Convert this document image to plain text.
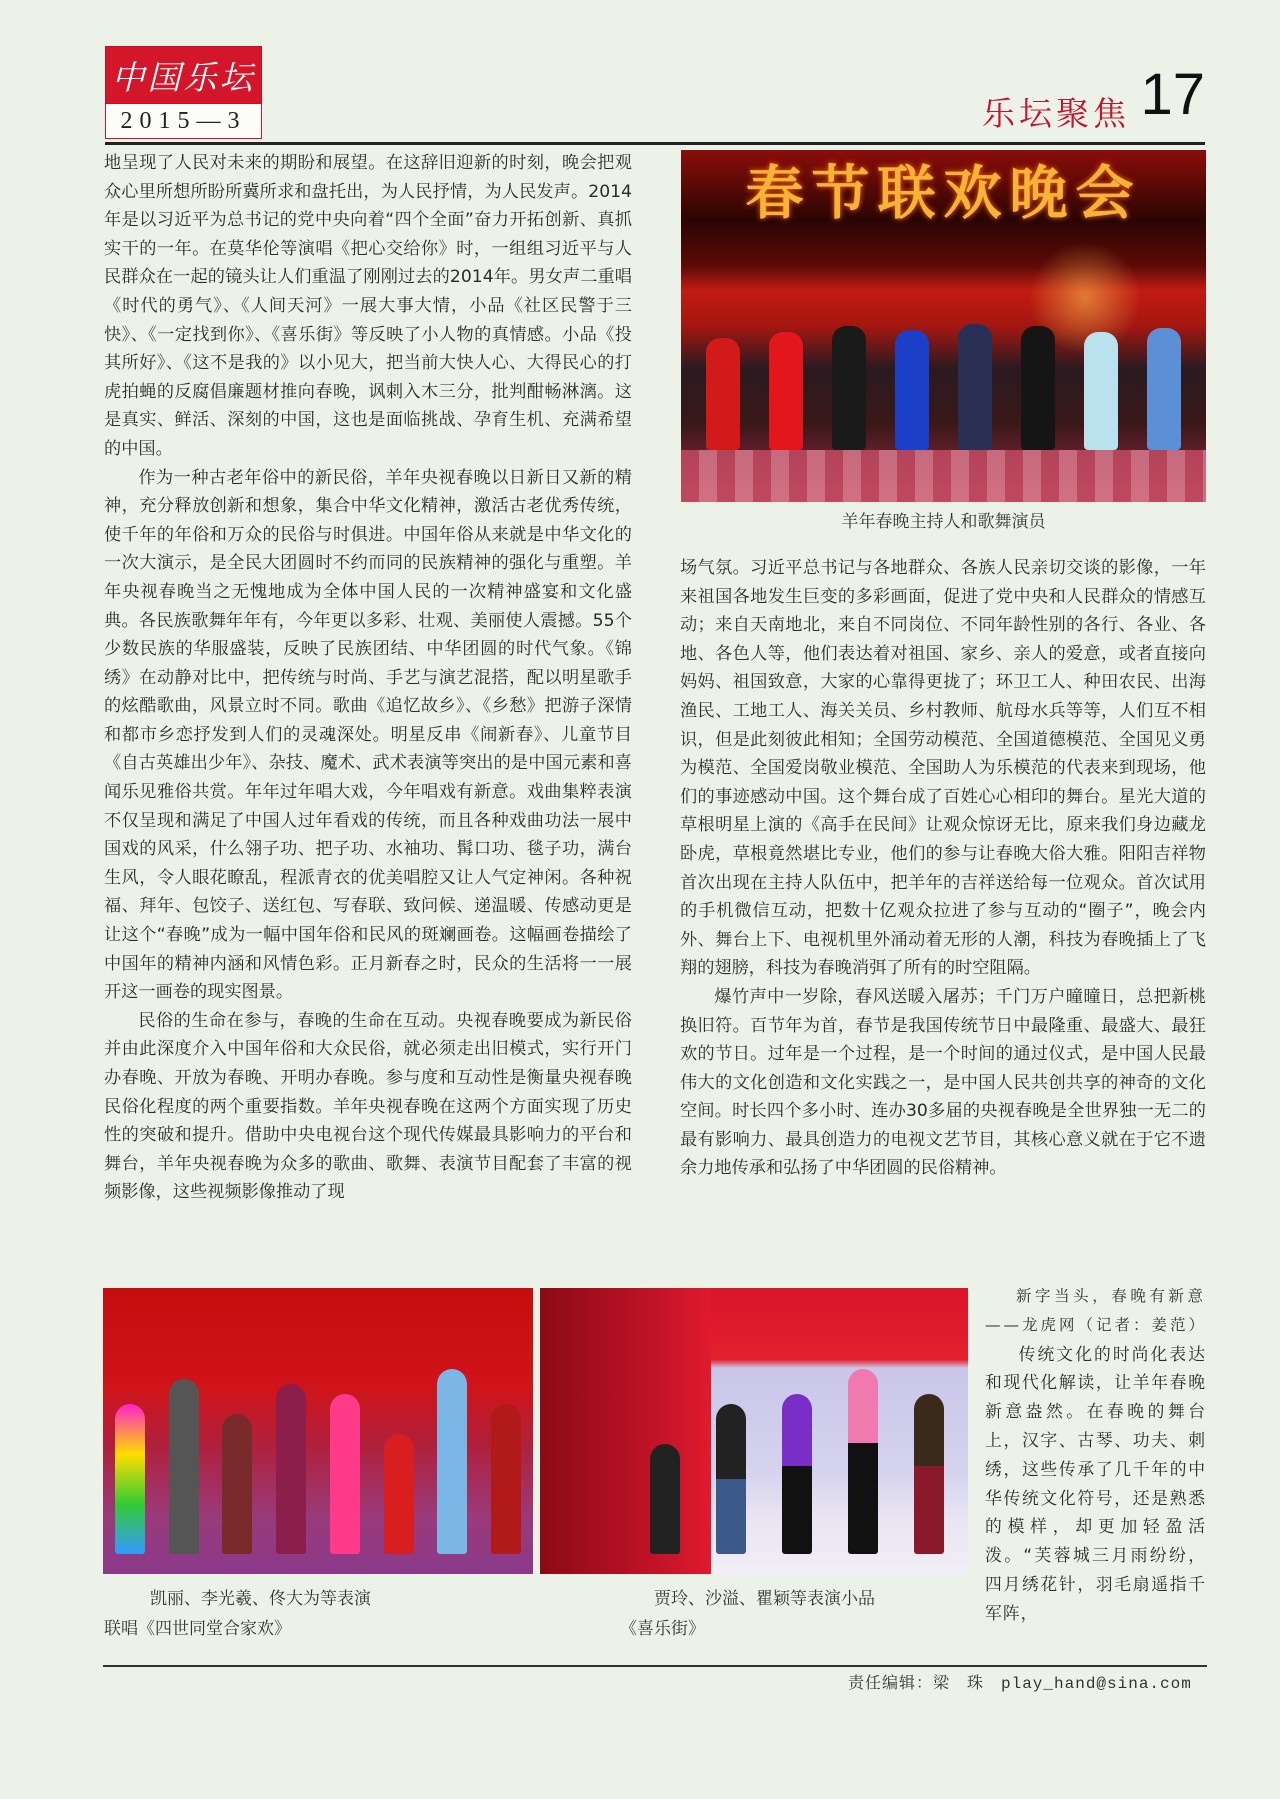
中国乐坛
2015—3	乐坛聚焦 17

地呈现了人民对未来的期盼和展望。在这辞旧迎新的时刻，晚会把观众心里所想所盼所冀所求和盘托出，为人民抒情，为人民发声。2014年是以习近平为总书记的党中央向着“四个全面”奋力开拓创新、真抓实干的一年。在莫华伦等演唱《把心交给你》时，一组组习近平与人民群众在一起的镜头让人们重温了刚刚过去的2014年。男女声二重唱《时代的勇气》、《人间天河》一展大事大情，小品《社区民警于三快》、《一定找到你》、《喜乐街》等反映了小人物的真情感。小品《投其所好》、《这不是我的》以小见大，把当前大快人心、大得民心的打虎拍蝇的反腐倡廉题材推向春晚，讽刺入木三分，批判酣畅淋漓。这是真实、鲜活、深刻的中国，这也是面临挑战、孕育生机、充满希望的中国。

作为一种古老年俗中的新民俗，羊年央视春晚以日新日又新的精神，充分释放创新和想象，集合中华文化精神，激活古老优秀传统，使千年的年俗和万众的民俗与时俱进。中国年俗从来就是中华文化的一次大演示，是全民大团圆时不约而同的民族精神的强化与重塑。羊年央视春晚当之无愧地成为全体中国人民的一次精神盛宴和文化盛典。各民族歌舞年年有，今年更以多彩、壮观、美丽使人震撼。55个少数民族的华服盛装，反映了民族团结、中华团圆的时代气象。《锦绣》在动静对比中，把传统与时尚、手艺与演艺混搭，配以明星歌手的炫酷歌曲，风景立时不同。歌曲《追忆故乡》、《乡愁》把游子深情和都市乡恋抒发到人们的灵魂深处。明星反串《闹新春》、儿童节目《自古英雄出少年》、杂技、魔术、武术表演等突出的是中国元素和喜闻乐见雅俗共赏。年年过年唱大戏，今年唱戏有新意。戏曲集粹表演不仅呈现和满足了中国人过年看戏的传统，而且各种戏曲功法一展中国戏的风采，什么翎子功、把子功、水袖功、髯口功、毯子功，满台生风，令人眼花瞭乱，程派青衣的优美唱腔又让人气定神闲。各种祝福、拜年、包饺子、送红包、写春联、致问候、递温暖、传感动更是让这个“春晚”成为一幅中国年俗和民风的斑斓画卷。这幅画卷描绘了中国年的精神内涵和风情色彩。正月新春之时，民众的生活将一一展开这一画卷的现实图景。

民俗的生命在参与，春晚的生命在互动。央视春晚要成为新民俗并由此深度介入中国年俗和大众民俗，就必须走出旧模式，实行开门办春晚、开放为春晚、开明办春晚。参与度和互动性是衡量央视春晚民俗化程度的两个重要指数。羊年央视春晚在这两个方面实现了历史性的突破和提升。借助中央电视台这个现代传媒最具影响力的平台和舞台，羊年央视春晚为众多的歌曲、歌舞、表演节目配套了丰富的视频影像，这些视频影像推动了现

春节联欢晚会
羊年春晚主持人和歌舞演员

场气氛。习近平总书记与各地群众、各族人民亲切交谈的影像，一年来祖国各地发生巨变的多彩画面，促进了党中央和人民群众的情感互动；来自天南地北，来自不同岗位、不同年龄性别的各行、各业、各地、各色人等，他们表达着对祖国、家乡、亲人的爱意，或者直接向妈妈、祖国致意，大家的心靠得更拢了；环卫工人、种田农民、出海渔民、工地工人、海关关员、乡村教师、航母水兵等等，人们互不相识，但是此刻彼此相知；全国劳动模范、全国道德模范、全国见义勇为模范、全国爱岗敬业模范、全国助人为乐模范的代表来到现场，他们的事迹感动中国。这个舞台成了百姓心心相印的舞台。星光大道的草根明星上演的《高手在民间》让观众惊讶无比，原来我们身边藏龙卧虎，草根竟然堪比专业，他们的参与让春晚大俗大雅。阳阳吉祥物首次出现在主持人队伍中，把羊年的吉祥送给每一位观众。首次试用的手机微信互动，把数十亿观众拉进了参与互动的“圈子”，晚会内外、舞台上下、电视机里外涌动着无形的人潮，科技为春晚插上了飞翔的翅膀，科技为春晚消弭了所有的时空阻隔。

爆竹声中一岁除，春风送暖入屠苏；千门万户曈曈日，总把新桃换旧符。百节年为首，春节是我国传统节日中最隆重、最盛大、最狂欢的节日。过年是一个过程，是一个时间的通过仪式，是中国人民最伟大的文化创造和文化实践之一，是中国人民共创共享的神奇的文化空间。时长四个多小时、连办30多届的央视春晚是全世界独一无二的最有影响力、最具创造力的电视文艺节目，其核心意义就在于它不遗余力地传承和弘扬了中华团圆的民俗精神。

凯丽、李光羲、佟大为等表演
联唱《四世同堂合家欢》
贾玲、沙溢、瞿颖等表演小品
《喜乐街》

新字当头，春晚有新意——龙虎网（记者：姜范）

传统文化的时尚化表达和现代化解读，让羊年春晚新意盎然。在春晚的舞台上，汉字、古琴、功夫、刺绣，这些传承了几千年的中华传统文化符号，还是熟悉的模样，却更加轻盈活泼。“芙蓉城三月雨纷纷，四月绣花针，羽毛扇遥指千军阵，

责任编辑：梁　珠　play_hand@sina.com
